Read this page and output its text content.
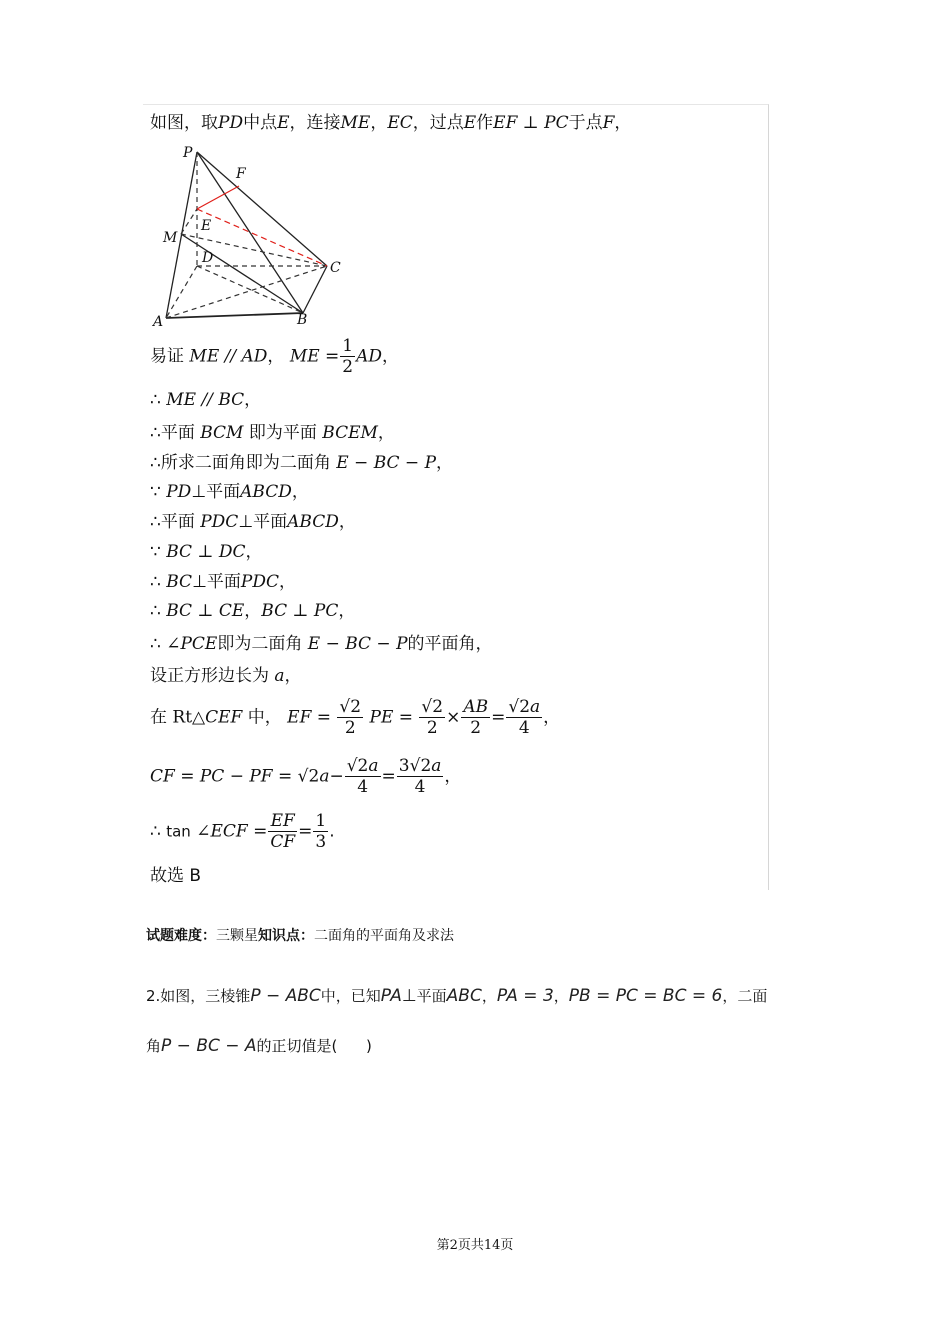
如图，取PD中点E，连接ME，EC，过点E作EF ⊥ PC于点F，
P
F
E
M
D
C
A	B
易证 ME // AD， ME = $\frac{1}{2}$ AD，
∴ ME // BC，
∴平面 BCM 即为平面 BCEM，
∴所求二面角即为二面角 E − BC − P，
∵ PD⊥平面ABCD，
∴平面 PDC⊥平面ABCD，
∵ BC ⊥ DC，
∴ BC⊥平面PDC，
∴ BC ⊥ CE，BC ⊥ PC，
∴ ∠PCE即为二面角 E − BC − P的平面角，
设正方形边长为 a，
在 Rt△CEF 中， EF = $\frac{√2}{2}$ PE = $\frac{√2}{2} \times \frac{AB}{2} = \frac{√2a}{4}$ ，
CF = PC − PF = $√2a- \frac{√2a}{4} = \frac{3√2a}{4}$ ，
∴ tan ∠ECF = $\frac{EF}{CF} = \frac{1}{3}$ .
故选 B
试题难度：三颗星知识点：二面角的平面角及求法
2.如图，三棱锥P − ABC中，已知PA⊥平面ABC，PA = 3，PB = PC = BC = 6，二面
角P − BC − A的正切值是( )
第2页共14页
